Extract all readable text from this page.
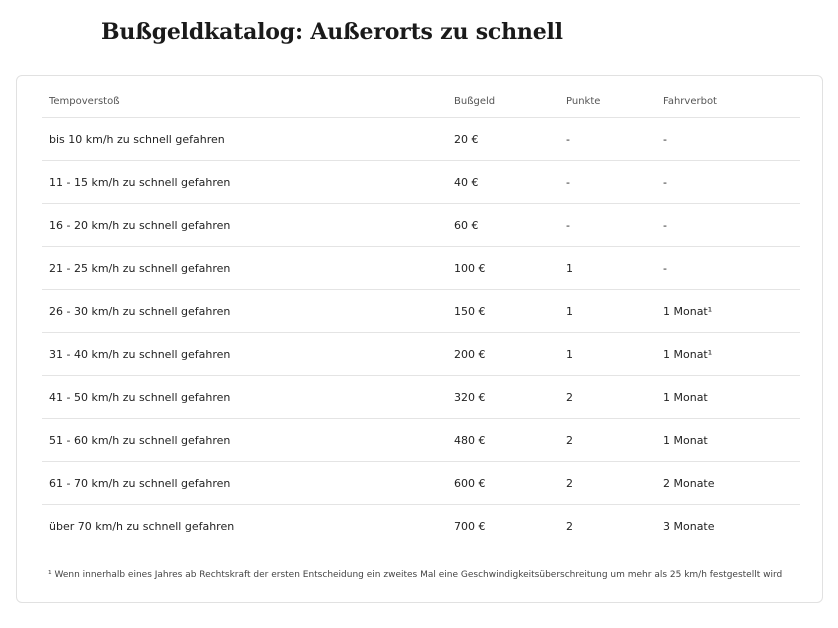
Bußgeldkatalog: Außerorts zu schnell
Tempoverstoß	Bußgeld	Punkte	Fahrverbot
bis 10 km/h zu schnell gefahren	20 €	-	-
11 - 15 km/h zu schnell gefahren	40 €	-	-
16 - 20 km/h zu schnell gefahren	60 €	-	-
21 - 25 km/h zu schnell gefahren	100 €	1	-
26 - 30 km/h zu schnell gefahren	150 €	1	1 Monat¹
31 - 40 km/h zu schnell gefahren	200 €	1	1 Monat¹
41 - 50 km/h zu schnell gefahren	320 €	2	1 Monat
51 - 60 km/h zu schnell gefahren	480 €	2	1 Monat
61 - 70 km/h zu schnell gefahren	600 €	2	2 Monate
über 70 km/h zu schnell gefahren	700 €	2	3 Monate

¹ Wenn innerhalb eines Jahres ab Rechtskraft der ersten Entscheidung ein zweites Mal eine Geschwindigkeitsüberschreitung um mehr als 25 km/h festgestellt wird
